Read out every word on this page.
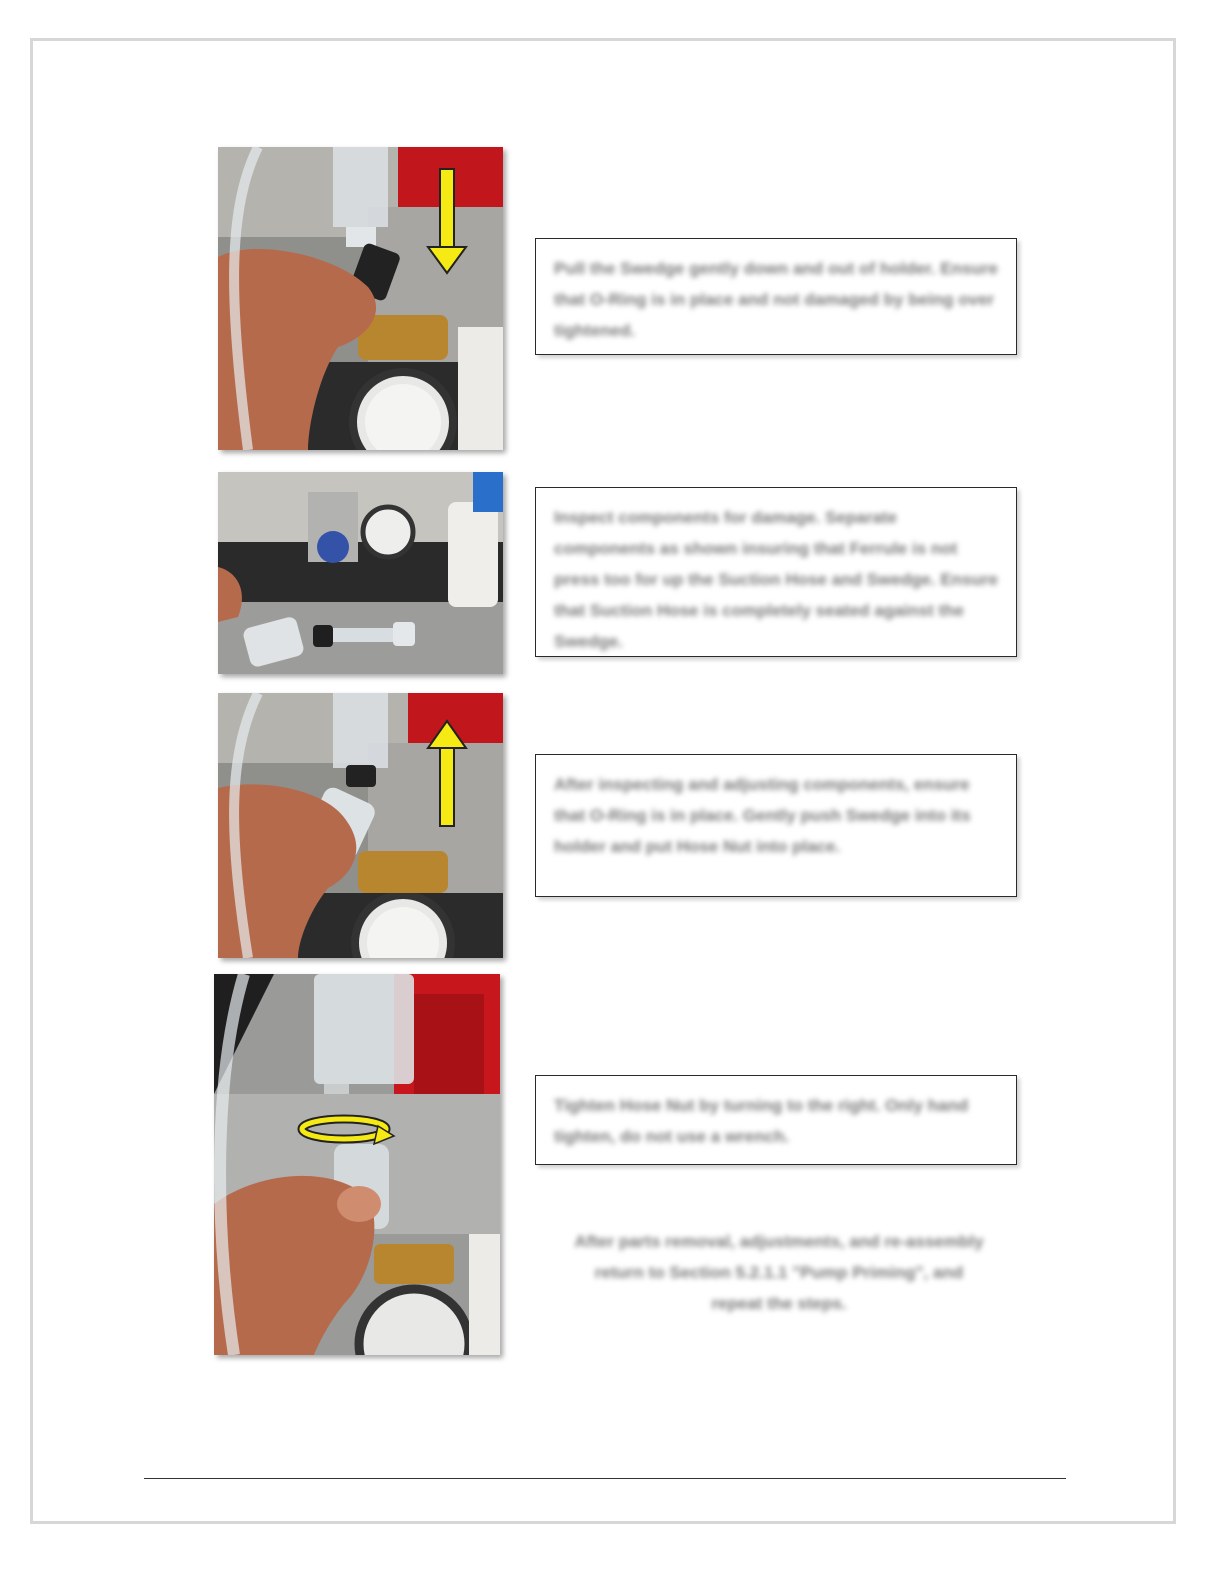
Pull the Swedge gently down and out of holder. Ensure that O-Ring is in place and not damaged by being over tightened.

Inspect components for damage. Separate components as shown insuring that Ferrule is not press too for up the Suction Hose and Swedge. Ensure that Suction Hose is completely seated against the Swedge.

After inspecting and adjusting components, ensure that O-Ring is in place. Gently push Swedge into its holder and put Hose Nut into place.

Tighten Hose Nut by turning to the right. Only hand tighten, do not use a wrench.

After parts removal, adjustments, and re-assembly return to Section 5.2.1.1 "Pump Priming", and repeat the steps.
